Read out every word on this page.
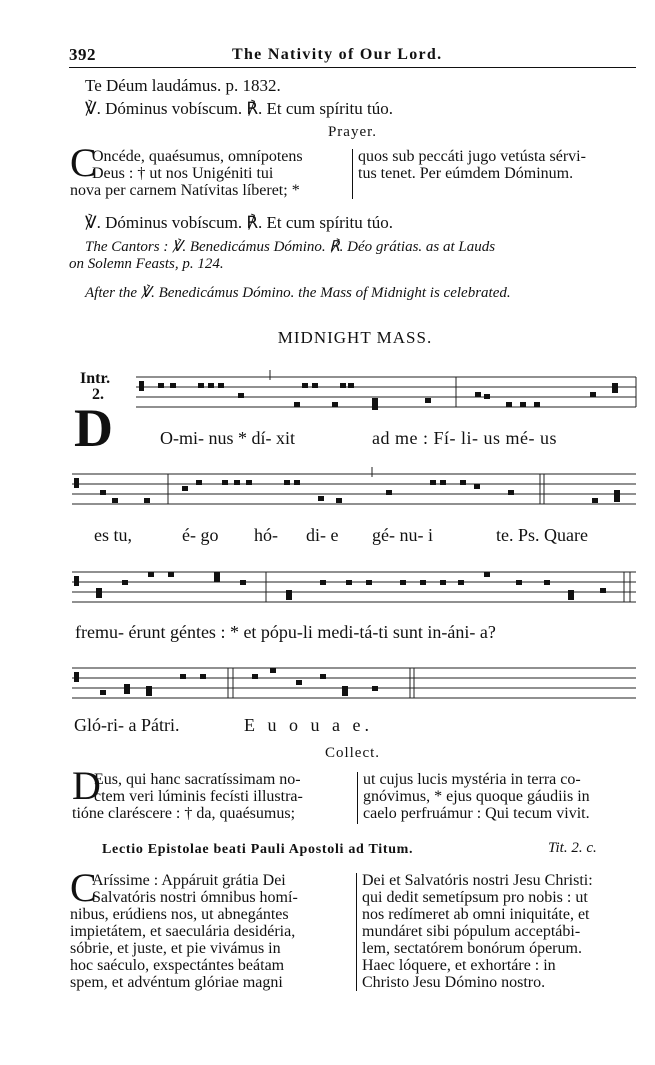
392	The Nativity of Our Lord.
Te Déum laudámus. p. 1832.
℣. Dóminus vobíscum. ℟. Et cum spíritu túo.
Prayer.
C

Oncéde, quaésumus, omnípotens

Deus : † ut nos Unigéniti tui

nova per carnem Natívitas líberet; *

quos sub peccáti jugo vetústa sérvi-

tus tenet. Per eúmdem Dóminum.

℣. Dóminus vobíscum. ℟. Et cum spíritu túo.
The Cantors : ℣. Benedicámus Dómino. ℟. Déo grátias. as at Lauds
on Solemn Feasts, p. 124.
After the ℣. Benedicámus Dómino. the Mass of Midnight is celebrated.
MIDNIGHT MASS.
Intr.
2.
D	O-mi- nus * dí- xit	ad me : Fí- li- us mé- us
es tu,	é- go hó- di- e gé- nu- i	te. Ps. Quare
fremu- érunt géntes : * et pópu-li medi-tá-ti sunt in-áni- a?
Gló-ri- a Pátri.	E u o u a e.
Collect.
D

Eus, qui hanc sacratíssimam no-

ctem veri lúminis fecísti illustra-

tióne claréscere : † da, quaésumus;

ut cujus lucis mystéria in terra co-

gnóvimus, * ejus quoque gáudiis in

caelo perfruámur : Qui tecum vivit.

Lectio Epistolae beati Pauli Apostoli ad Titum.	Tit. 2. c.
C

Aríssime : Appáruit grátia Dei

Salvatóris nostri ómnibus homí-

nibus, erúdiens nos, ut abnegántes

impietátem, et saeculária desidéria,

sóbrie, et juste, et pie vivámus in

hoc saéculo, exspectántes beátam

spem, et advéntum glóriae magni

Dei et Salvatóris nostri Jesu Christi:

qui dedit semetípsum pro nobis : ut

nos redímeret ab omni iniquitáte, et

mundáret sibi pópulum acceptábi-

lem, sectatórem bonórum óperum.

Haec lóquere, et exhortáre : in

Christo Jesu Dómino nostro.
